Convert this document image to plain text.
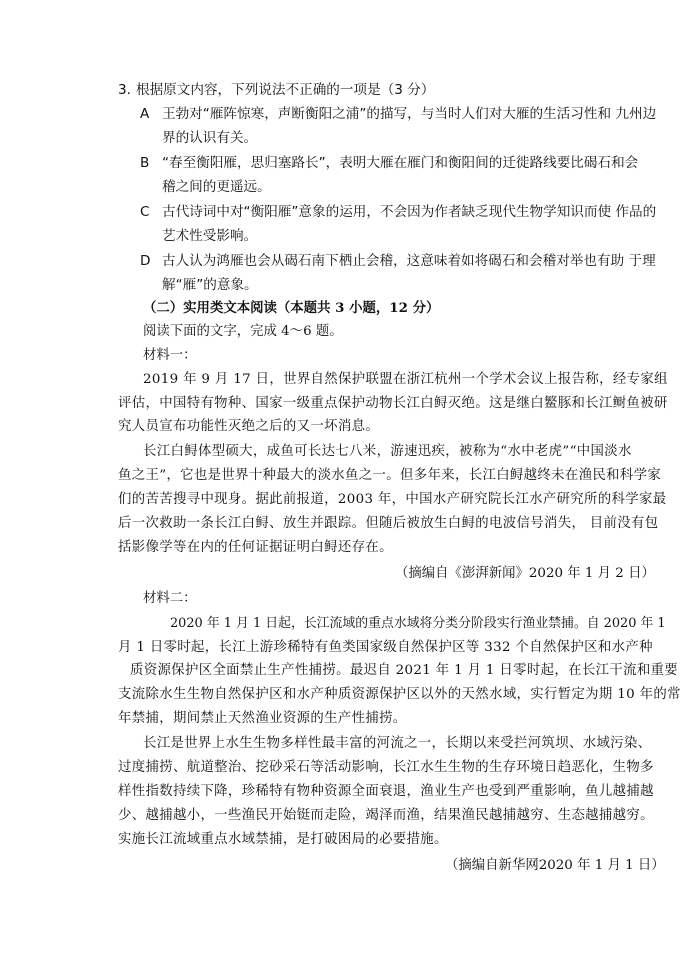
3. 根据原文内容，下列说法不正确的一项是（3 分）
A 王勃对“雁阵惊寒，声断衡阳之浦”的描写，与当时人们对大雁的生活习性和 九州边
界的认识有关。
B “春至衡阳雁，思归塞路长”，表明大雁在雁门和衡阳间的迁徙路线要比碣石和会
稽之间的更遥远。
C 古代诗词中对“衡阳雁”意象的运用，不会因为作者缺乏现代生物学知识而使 作品的
艺术性受影响。
D 古人认为鸿雁也会从碣石南下栖止会稽，这意味着如将碣石和会稽对举也有助 于理
解“雁”的意象。
（二）实用类文本阅读（本题共 3 小题，12 分）
阅读下面的文字，完成 4～6 题。
材料一：
2019 年 9 月 17 日，世界自然保护联盟在浙江杭州一个学术会议上报告称，经专家组
评估，中国特有物种、国家一级重点保护动物长江白鲟灭绝。这是继白鳘豚和长江鲥鱼被研
究人员宣布功能性灭绝之后的又一坏消息。
长江白鲟体型硕大，成鱼可长达七八米，游速迅疾，被称为“水中老虎”“中国淡水
鱼之王”，它也是世界十种最大的淡水鱼之一。但多年来，长江白鲟越终未在渔民和科学家
们的苦苦搜寻中现身。据此前报道，2003 年，中国水产研究院长江水产研究所的科学家最
后一次救助一条长江白鲟、放生并跟踪。但随后被放生白鲟的电波信号消失， 目前没有包
括影像学等在内的任何证据证明白鲟还存在。
（摘编自《澎湃新闻》2020 年 1 月 2 日）
材料二：
2020 年 1 月 1 日起，长江流域的重点水域将分类分阶段实行渔业禁捕。自 2020 年 1
月 1 日零时起，长江上游珍稀特有鱼类国家级自然保护区等 332 个自然保护区和水产种
质资源保护区全面禁止生产性捕捞。最迟自 2021 年 1 月 1 日零时起，在长江干流和重要
支流除水生生物自然保护区和水产种质资源保护区以外的天然水域，实行暂定为期 10 年的常
年禁捕，期间禁止天然渔业资源的生产性捕捞。
长江是世界上水生生物多样性最丰富的河流之一，长期以来受拦河筑坝、水域污染、
过度捕捞、航道整治、挖砂采石等活动影响，长江水生生物的生存环境日趋恶化，生物多
样性指数持续下降，珍稀特有物种资源全面衰退，渔业生产也受到严重影响，鱼儿越捕越
少、越捕越小，一些渔民开始铤而走险，竭泽而渔，结果渔民越捕越穷、生态越捕越穷。
实施长江流域重点水域禁捕，是打破困局的必要措施。
（摘编自新华网2020 年 1 月 1 日）
